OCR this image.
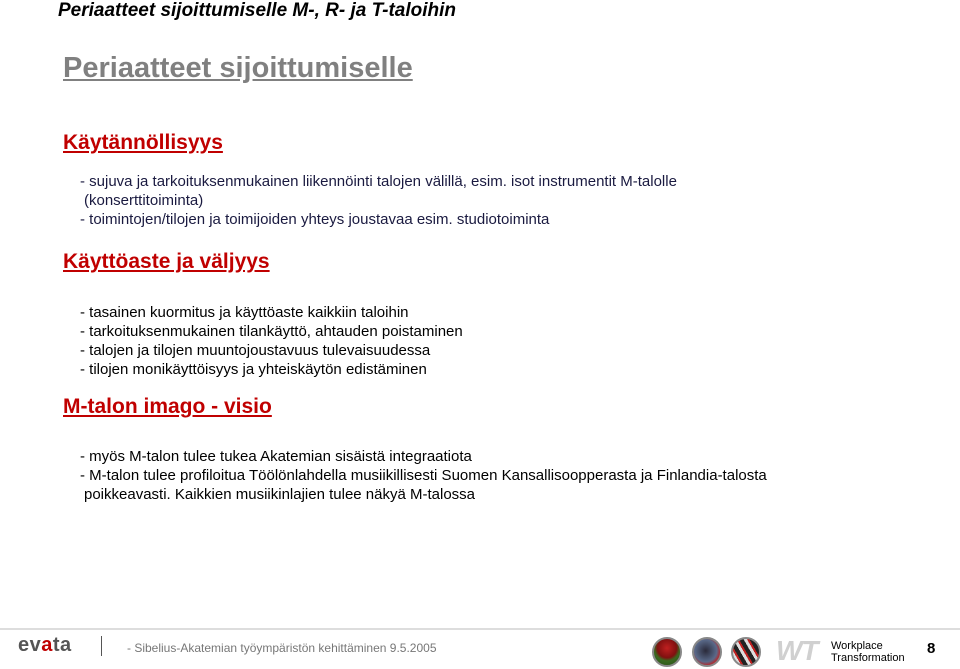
Periaatteet sijoittumiselle M-, R- ja T-taloihin
Periaatteet sijoittumiselle
Käytännöllisyys
- sujuva ja tarkoituksenmukainen liikennöinti talojen välillä, esim. isot instrumentit M-talolle
(konserttitoiminta)
- toimintojen/tilojen ja toimijoiden yhteys joustavaa esim. studiotoiminta
Käyttöaste ja väljyys
- tasainen kuormitus ja käyttöaste kaikkiin taloihin
- tarkoituksenmukainen tilankäyttö, ahtauden poistaminen
- talojen ja tilojen muuntojoustavuus tulevaisuudessa
- tilojen monikäyttöisyys ja yhteiskäytön edistäminen
M-talon imago - visio
- myös M-talon tulee tukea Akatemian sisäistä integraatiota
- M-talon tulee profiloitua Töölönlahdella musiikillisesti Suomen Kansallisoopperasta ja Finlandia-talosta
poikkeavasti. Kaikkien musiikinlajien tulee näkyä M-talossa
evata	- Sibelius-Akatemian työympäristön kehittäminen 9.5.2005	WT Workplace
Transformation
8
